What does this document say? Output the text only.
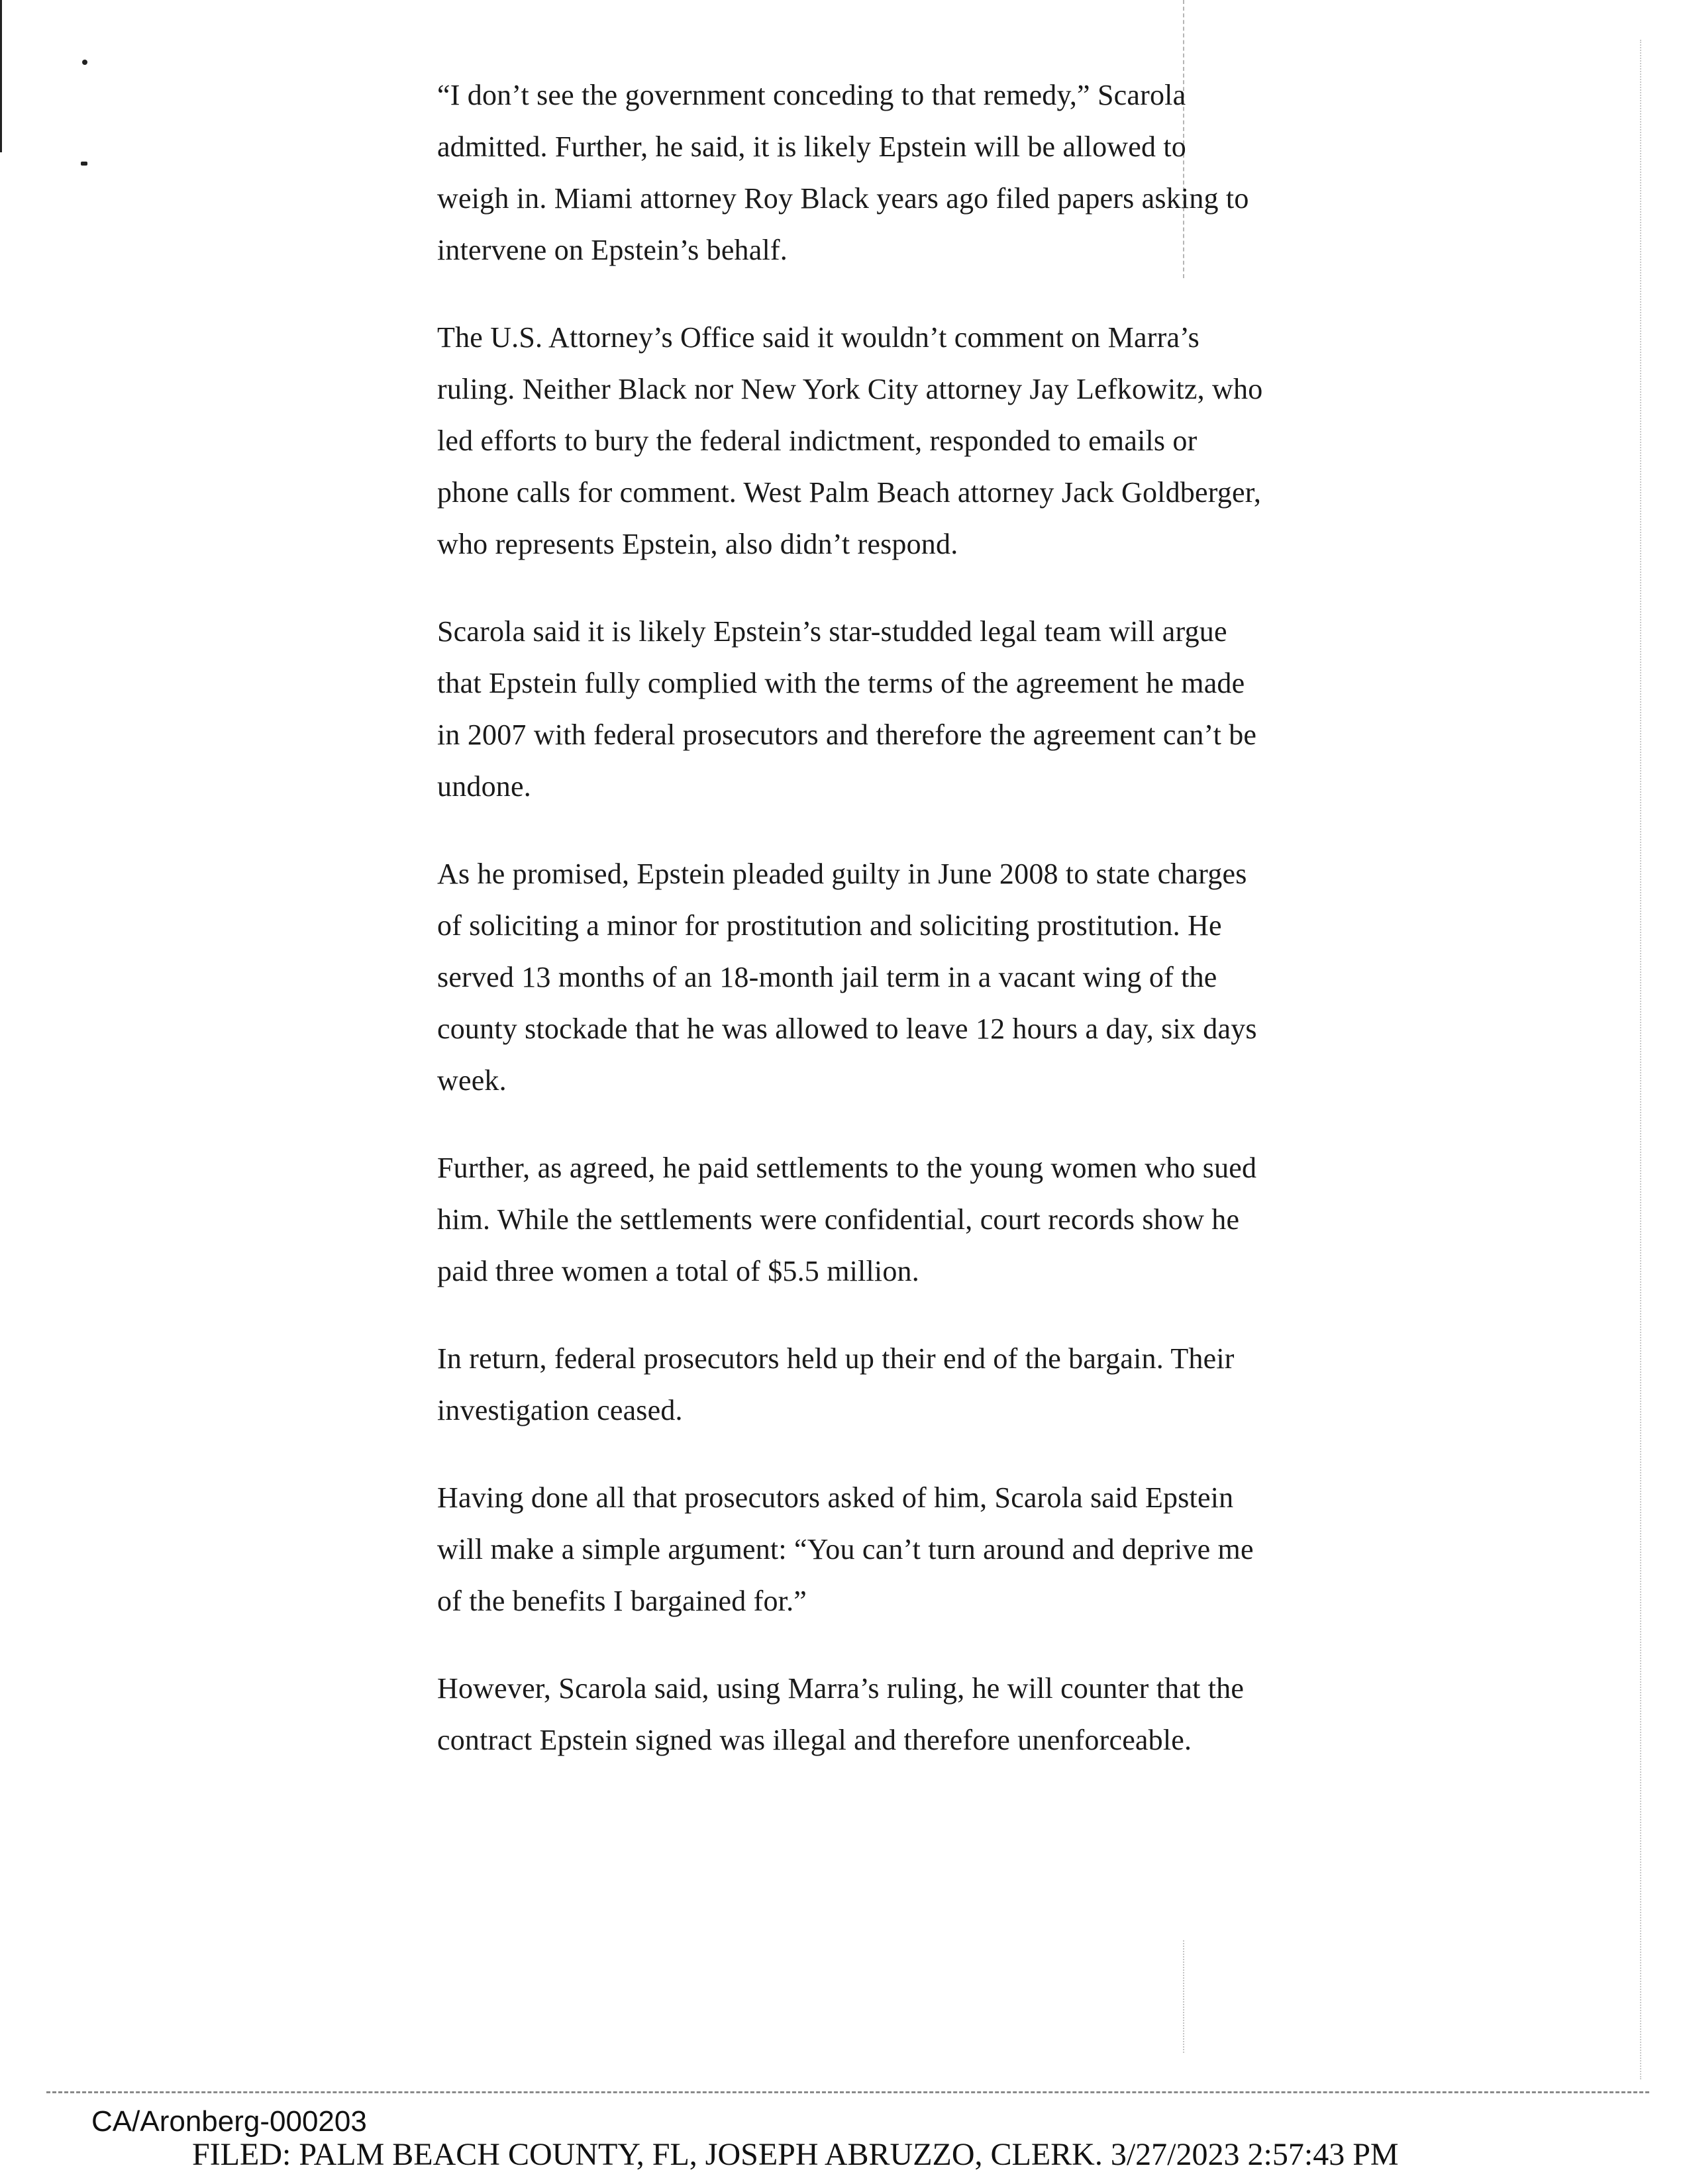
“I don’t see the government conceding to that remedy,” Scarola admitted. Further, he said, it is likely Epstein will be allowed to weigh in. Miami attorney Roy Black years ago filed papers asking to intervene on Epstein’s behalf.

The U.S. Attorney’s Office said it wouldn’t comment on Marra’s ruling. Neither Black nor New York City attorney Jay Lefkowitz, who led efforts to bury the federal indictment, responded to emails or phone calls for comment. West Palm Beach attorney Jack Goldberger, who represents Epstein, also didn’t respond.

Scarola said it is likely Epstein’s star-studded legal team will argue that Epstein fully complied with the terms of the agreement he made in 2007 with federal prosecutors and therefore the agreement can’t be undone.

As he promised, Epstein pleaded guilty in June 2008 to state charges of soliciting a minor for prostitution and soliciting prostitution. He served 13 months of an 18-month jail term in a vacant wing of the county stockade that he was allowed to leave 12 hours a day, six days week.

Further, as agreed, he paid settlements to the young women who sued him. While the settlements were confidential, court records show he paid three women a total of $5.5 million.

In return, federal prosecutors held up their end of the bargain. Their investigation ceased.

Having done all that prosecutors asked of him, Scarola said Epstein will make a simple argument: “You can’t turn around and deprive me of the benefits I bargained for.”

However, Scarola said, using Marra’s ruling, he will counter that the contract Epstein signed was illegal and therefore unenforceable.

CA/Aronberg-000203
FILED: PALM BEACH COUNTY, FL, JOSEPH ABRUZZO, CLERK. 3/27/2023 2:57:43 PM
